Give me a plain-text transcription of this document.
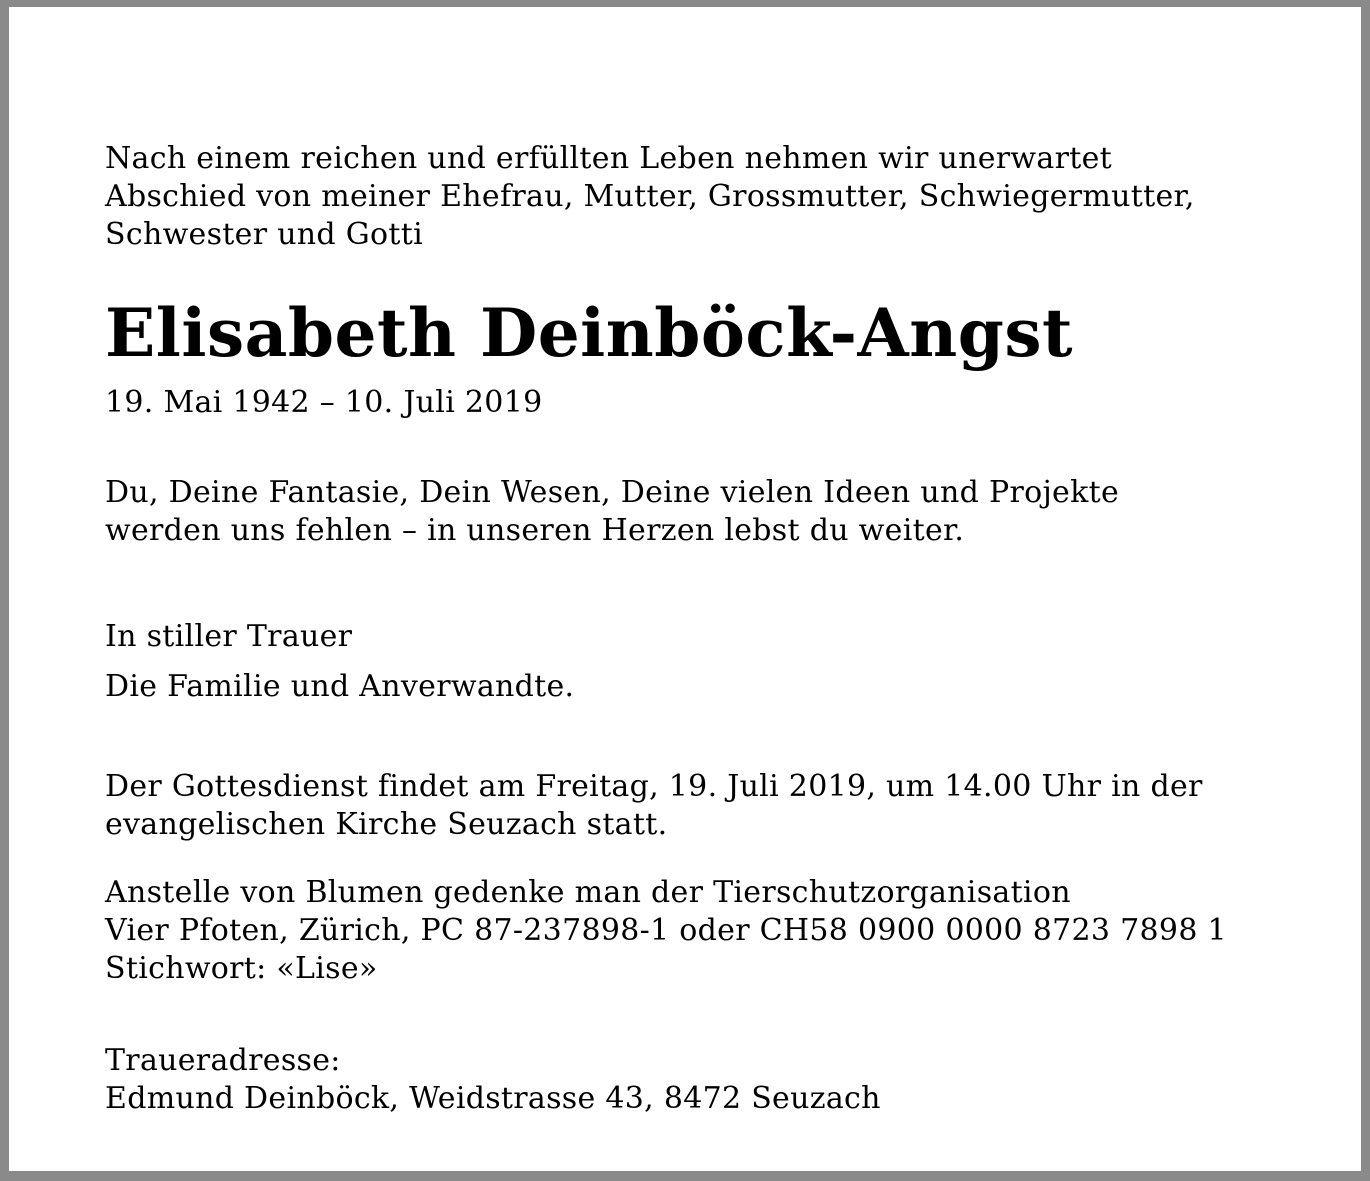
Nach einem reichen und erfüllten Leben nehmen wir unerwartet

Abschied von meiner Ehefrau, Mutter, Grossmutter, Schwiegermutter,

Schwester und Gotti

Elisabeth Deinböck-Angst

19. Mai 1942 – 10. Juli 2019

Du, Deine Fantasie, Dein Wesen, Deine vielen Ideen und Projekte

werden uns fehlen – in unseren Herzen lebst du weiter.

In stiller Trauer

Die Familie und Anverwandte.

Der Gottesdienst findet am Freitag, 19. Juli 2019, um 14.00 Uhr in der

evangelischen Kirche Seuzach statt.

Anstelle von Blumen gedenke man der Tierschutzorganisation

Vier Pfoten, Zürich, PC 87-237898-1 oder CH58 0900 0000 8723 7898 1

Stichwort: «Lise»

Traueradresse:

Edmund Deinböck, Weidstrasse 43, 8472 Seuzach
